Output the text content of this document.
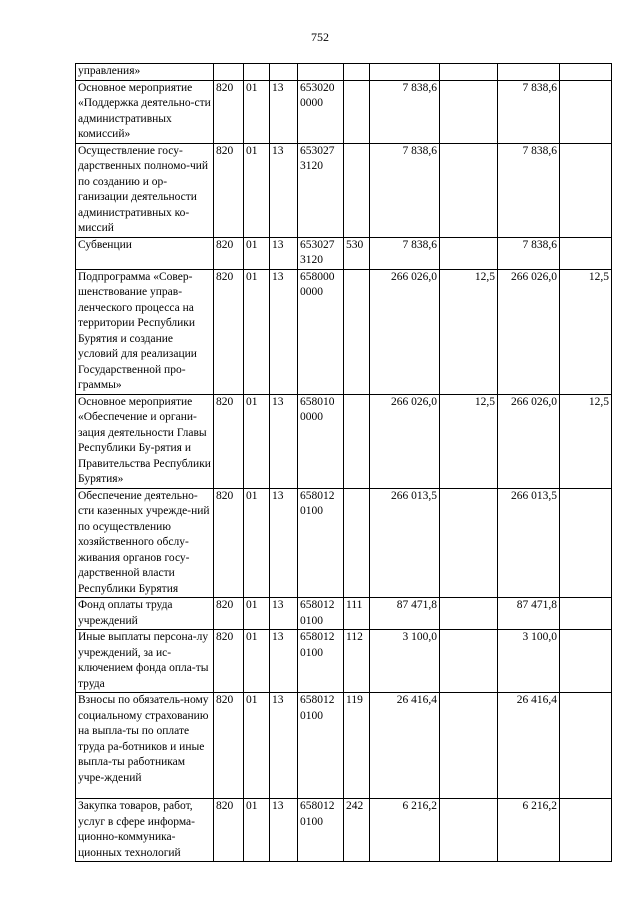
752
управления»									
Основное мероприятие «Поддержка деятельно-сти административных комиссий»	820	01	13	653020 0000		7 838,6		7 838,6	
Осуществление госу-дарственных полномо-чий по созданию и ор-ганизации деятельности административных ко-миссий	820	01	13	653027 3120		7 838,6		7 838,6	
Субвенции	820	01	13	653027 3120	530	7 838,6		7 838,6	
Подпрограмма «Совер-шенствование управ-ленческого процесса на территории Республики Бурятия и создание условий для реализации Государственной про-граммы»	820	01	13	658000 0000		266 026,0	12,5	266 026,0	12,5
Основное мероприятие «Обеспечение и органи-зация деятельности Главы Республики Бу-рятия и Правительства Республики Бурятия»	820	01	13	658010 0000		266 026,0	12,5	266 026,0	12,5
Обеспечение деятельно-сти казенных учрежде-ний по осуществлению хозяйственного обслу-живания органов госу-дарственной власти Республики Бурятия	820	01	13	658012 0100		266 013,5		266 013,5	
Фонд оплаты труда учреждений	820	01	13	658012 0100	111	87 471,8		87 471,8	
Иные выплаты персона-лу учреждений, за ис-ключением фонда опла-ты труда	820	01	13	658012 0100	112	3 100,0		3 100,0	
Взносы по обязатель-ному социальному страхованию на выпла-ты по оплате труда ра-ботников и иные выпла-ты работникам учре-ждений	820	01	13	658012 0100	119	26 416,4		26 416,4	
Закупка товаров, работ, услуг в сфере информа-ционно-коммуника-ционных технологий	820	01	13	658012 0100	242	6 216,2		6 216,2	
